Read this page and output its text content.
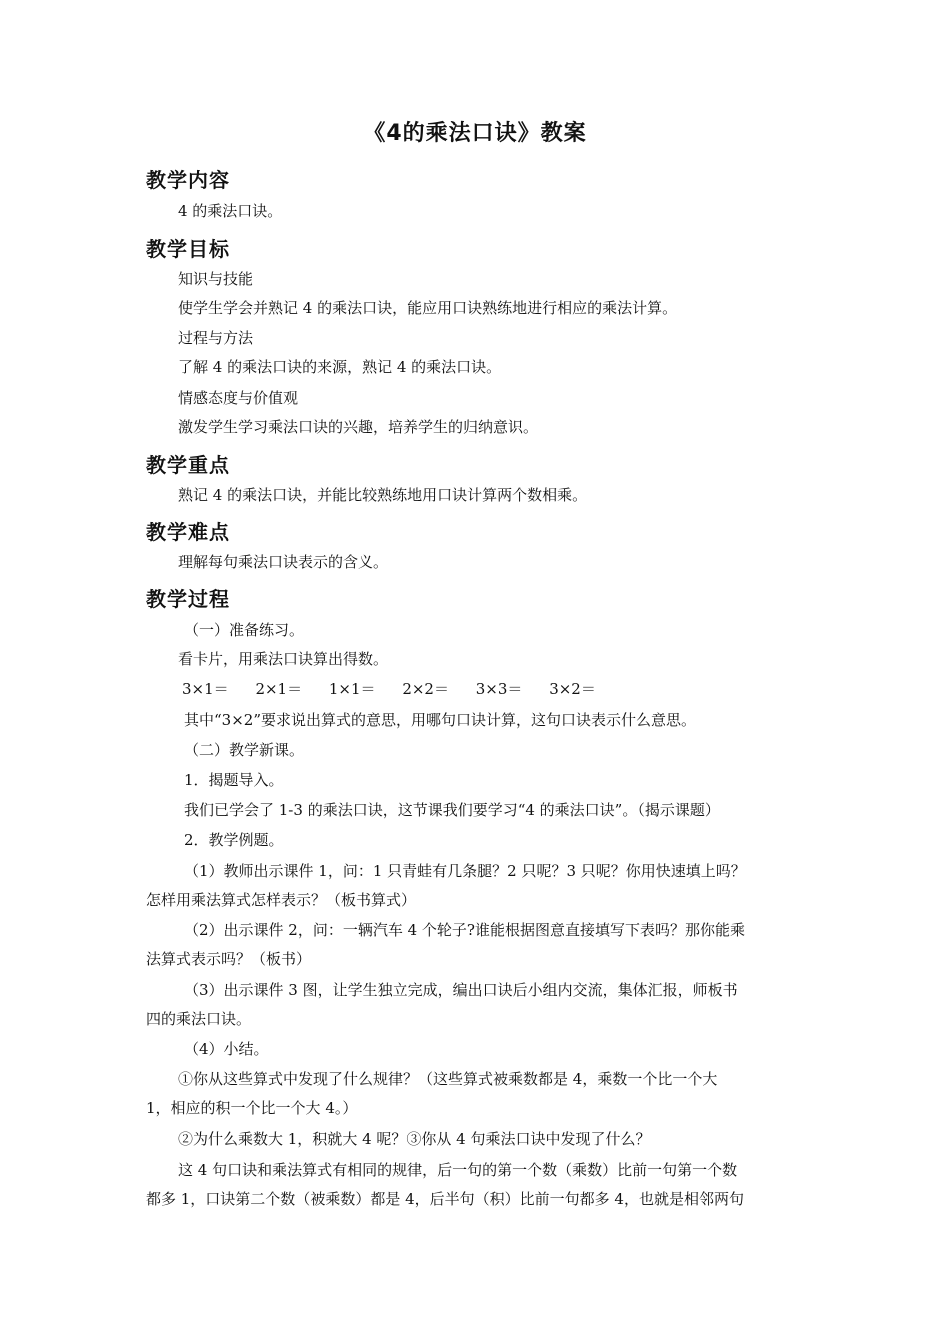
《4的乘法口诀》教案
教学内容
4 的乘法口诀。
教学目标
知识与技能
使学生学会并熟记 4 的乘法口诀，能应用口诀熟练地进行相应的乘法计算。
过程与方法
了解 4 的乘法口诀的来源，熟记 4 的乘法口诀。
情感态度与价值观
激发学生学习乘法口诀的兴趣，培养学生的归纳意识。
教学重点
熟记 4 的乘法口诀，并能比较熟练地用口诀计算两个数相乘。
教学难点
理解每句乘法口诀表示的含义。
教学过程
（一）准备练习。
看卡片，用乘法口诀算出得数。
3×1＝ 2×1＝ 1×1＝ 2×2＝ 3×3＝ 3×2＝
其中“3×2”要求说出算式的意思，用哪句口诀计算，这句口诀表示什么意思。
（二）教学新课。
1．揭题导入。
我们已学会了 1-3 的乘法口诀，这节课我们要学习“4 的乘法口诀”。（揭示课题）
2．教学例题。
（1）教师出示课件 1，问：1 只青蛙有几条腿？2 只呢？3 只呢？你用快速填上吗？
怎样用乘法算式怎样表示？（板书算式）
（2）出示课件 2，问：一辆汽车 4 个轮子?谁能根据图意直接填写下表吗？那你能乘
法算式表示吗？（板书）
（3）出示课件 3 图，让学生独立完成，编出口诀后小组内交流，集体汇报，师板书
四的乘法口诀。
（4）小结。
①你从这些算式中发现了什么规律？（这些算式被乘数都是 4，乘数一个比一个大
1，相应的积一个比一个大 4。）
②为什么乘数大 1，积就大 4 呢？③你从 4 句乘法口诀中发现了什么？
这 4 句口诀和乘法算式有相同的规律，后一句的第一个数（乘数）比前一句第一个数
都多 1，口诀第二个数（被乘数）都是 4，后半句（积）比前一句都多 4，也就是相邻两句
